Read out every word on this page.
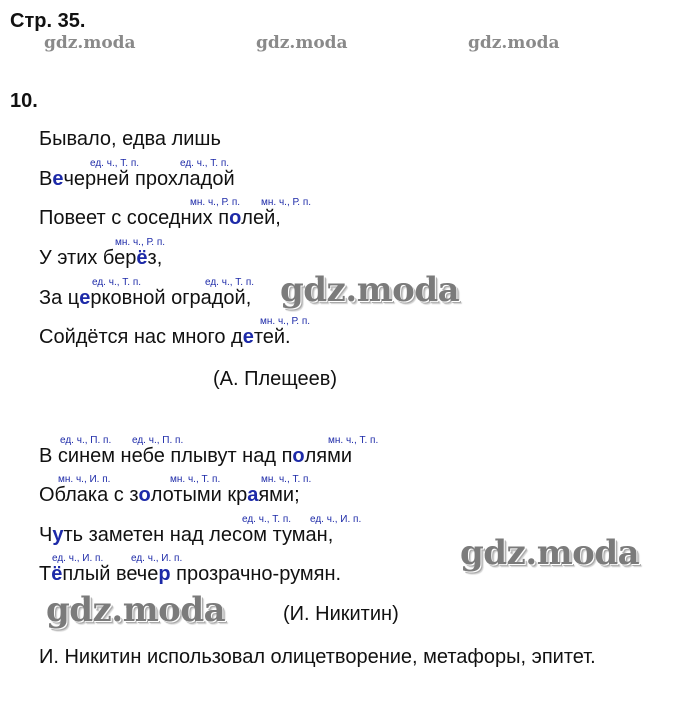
Стр. 35.
gdz.moda	gdz.moda	gdz.moda
10.
Бывало, едва лишь
ед. ч., Т. п.	ед. ч., Т. п.
Вечерней прохладой
мн. ч., Р. п. мн. ч., Р. п.
Повеет с соседних полей,
мн. ч., Р. п.
У этих берёз,
ед. ч., Т. п.	ед. ч., Т. п.
За церковной оградой, gdz.moda
мн. ч., Р. п.
Сойдётся нас много детей.
(А. Плещеев)
ед. ч., П. п. ед. ч., П. п.	мн. ч., Т. п.
В синем небе плывут над полями
мн. ч., И. п.	мн. ч., Т. п.	мн. ч., Т. п.
Облака с золотыми краями;
ед. ч., Т. п. ед. ч., И. п.
Чуть заметен над лесом туман,
ед. ч., И. п.	ед. ч., И. п.
Тёплый вечер прозрачно-румян.
gdz.moda
gdz.moda	(И. Никитин)
И. Никитин использовал олицетворение, метафоры, эпитет.
